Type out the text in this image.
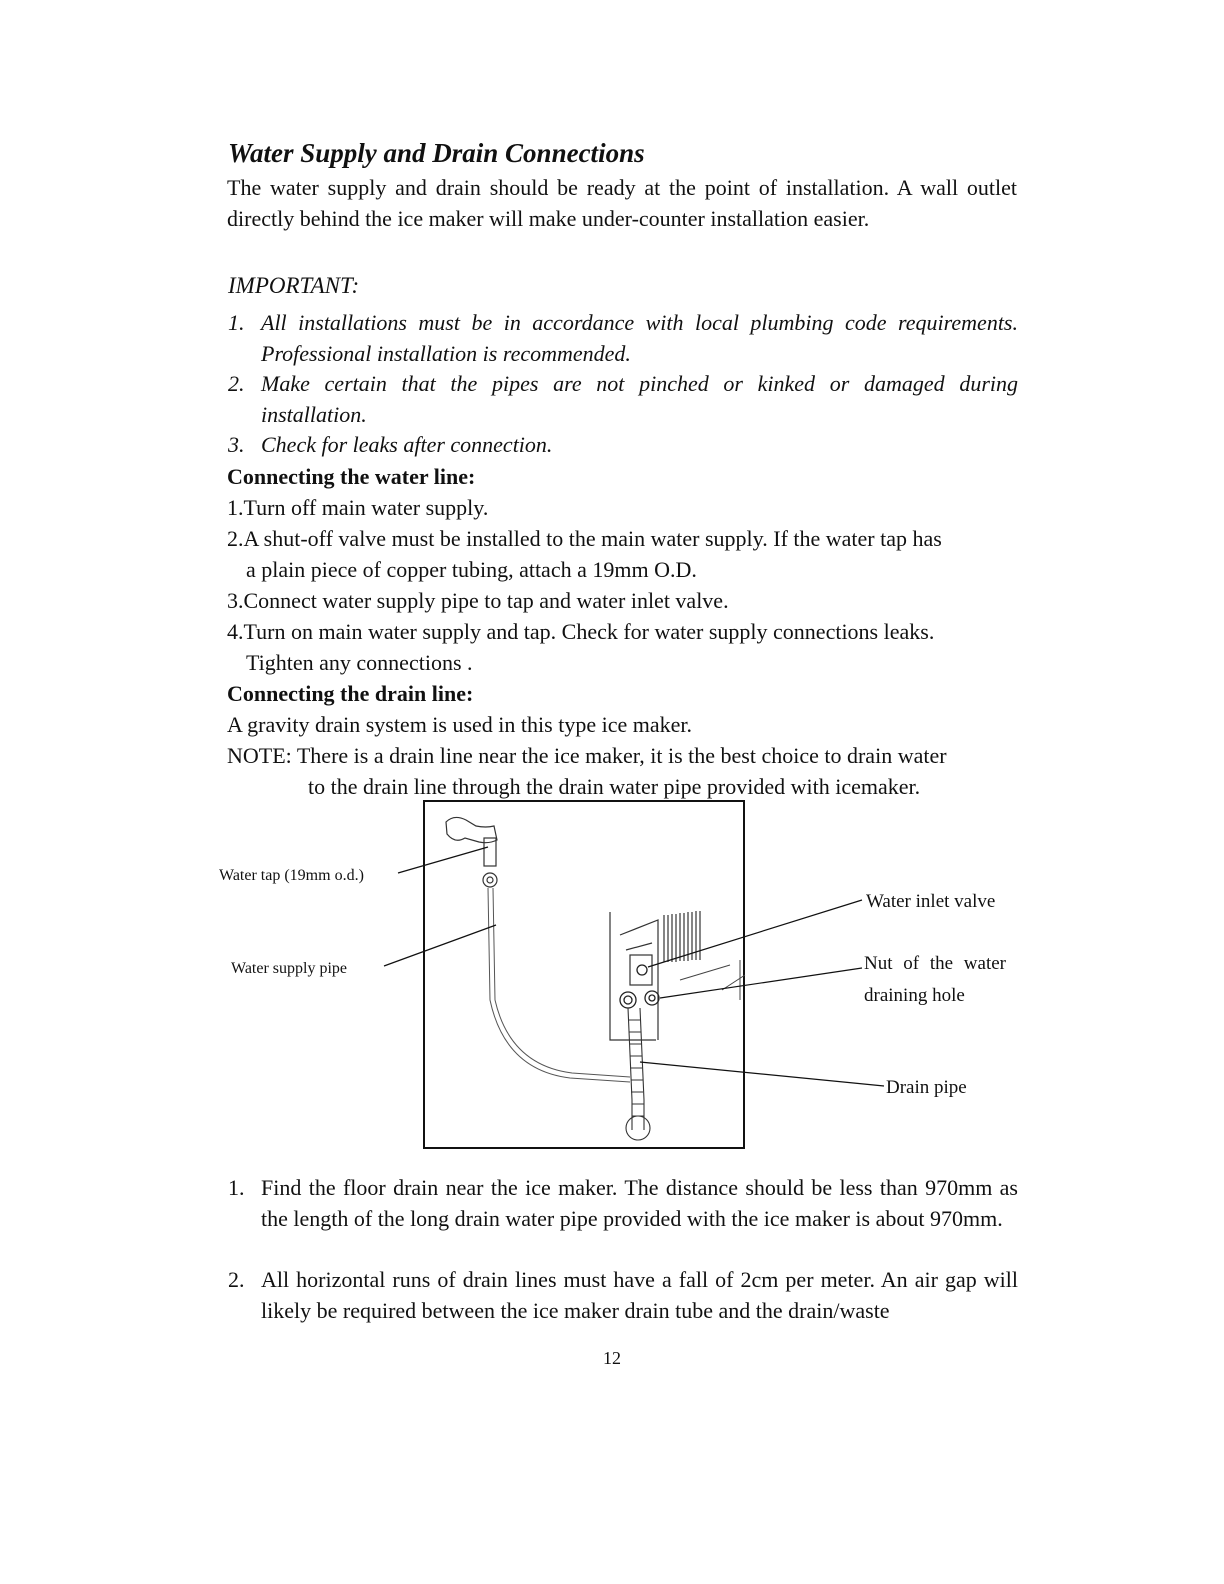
Water Supply and Drain Connections
The water supply and drain should be ready at the point of installation. A wall outlet directly behind the ice maker will make under-counter installation easier.
IMPORTANT:
1. All installations must be in accordance with local plumbing code requirements. Professional installation is recommended.
2. Make certain that the pipes are not pinched or kinked or damaged during installation.
3. Check for leaks after connection.
Connecting the water line:
1.Turn off main water supply.
2.A shut-off valve must be installed to the main water supply. If the water tap has
a plain piece of copper tubing, attach a 19mm O.D.
3.Connect water supply pipe to tap and water inlet valve.
4.Turn on main water supply and tap. Check for water supply connections leaks.
Tighten any connections .
Connecting the drain line:
A gravity drain system is used in this type ice maker.
NOTE: There is a drain line near the ice maker, it is the best choice to drain water
to the drain line through the drain water pipe provided with icemaker.
Water tap (19mm o.d.)
Water supply pipe
Water inlet valve
Nut of the water
draining hole
Drain pipe
1. Find the floor drain near the ice maker. The distance should be less than 970mm as the length of the long drain water pipe provided with the ice maker is about 970mm.
2. All horizontal runs of drain lines must have a fall of 2cm per meter. An air gap will likely be required between the ice maker drain tube and the drain/waste
12
